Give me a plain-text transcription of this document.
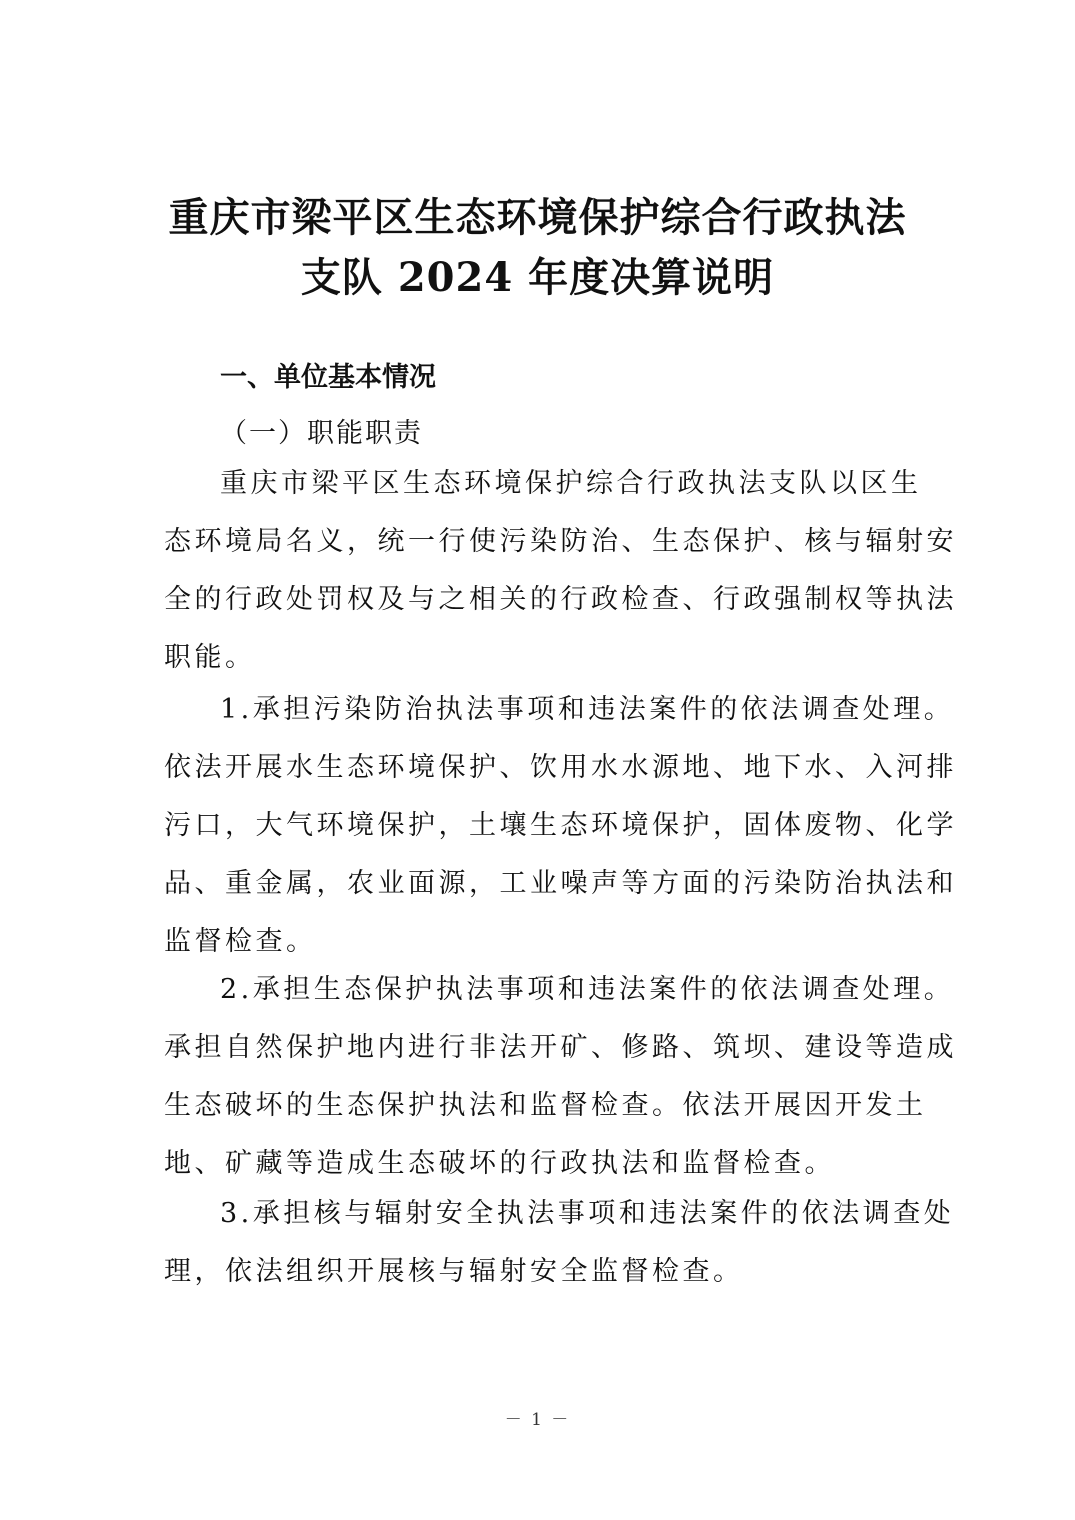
重庆市梁平区生态环境保护综合行政执法
支队 2024 年度决算说明
一、单位基本情况
（一）职能职责
重庆市梁平区生态环境保护综合行政执法支队以区生
态环境局名义，统一行使污染防治、生态保护、核与辐射安
全的行政处罚权及与之相关的行政检查、行政强制权等执法
职能。
1.承担污染防治执法事项和违法案件的依法调查处理。
依法开展水生态环境保护、饮用水水源地、地下水、入河排
污口，大气环境保护，土壤生态环境保护，固体废物、化学
品、重金属，农业面源，工业噪声等方面的污染防治执法和
监督检查。
2.承担生态保护执法事项和违法案件的依法调查处理。
承担自然保护地内进行非法开矿、修路、筑坝、建设等造成
生态破坏的生态保护执法和监督检查。依法开展因开发土
地、矿藏等造成生态破坏的行政执法和监督检查。
3.承担核与辐射安全执法事项和违法案件的依法调查处
理，依法组织开展核与辐射安全监督检查。
－ 1 －
